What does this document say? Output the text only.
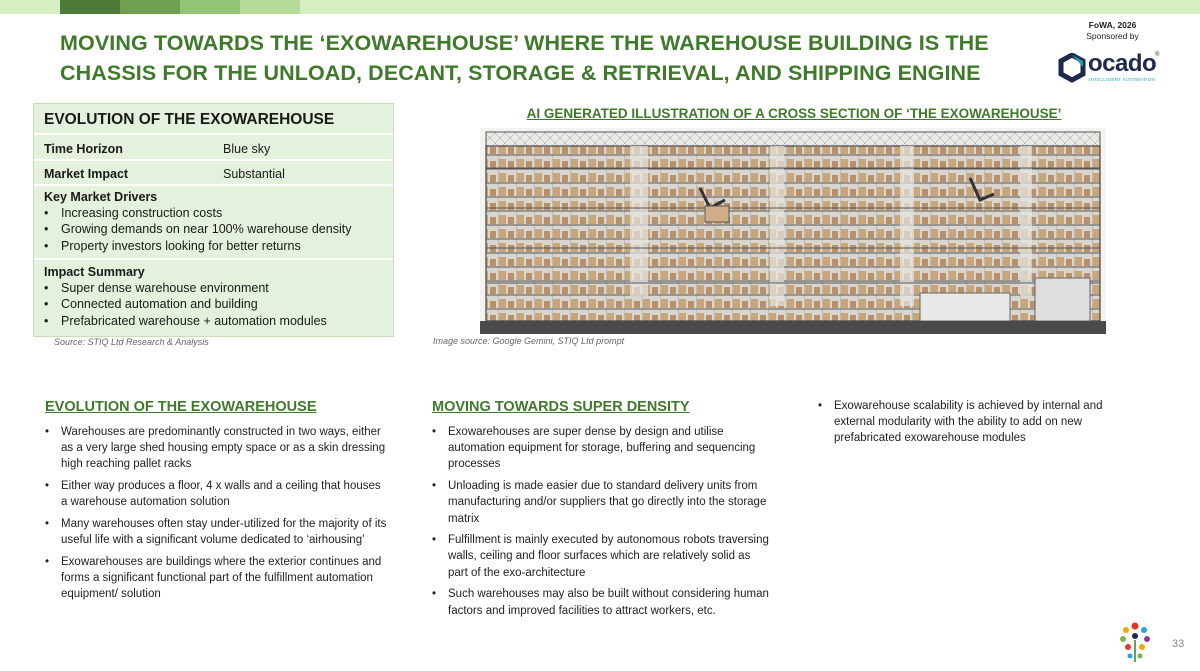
MOVING TOWARDS THE ‘EXOWAREHOUSE’ WHERE THE WAREHOUSE BUILDING IS THE
CHASSIS FOR THE UNLOAD, DECANT, STORAGE & RETRIEVAL, AND SHIPPING ENGINE
FoWA, 2026
Sponsored by
ocado
®
INTELLIGENT AUTOMATION
EVOLUTION OF THE EXOWAREHOUSE
Time Horizon	Blue sky
Market Impact	Substantial
Key Market Drivers
• Increasing construction costs
• Growing demands on near 100% warehouse density
• Property investors looking for better returns
Impact Summary
• Super dense warehouse environment
• Connected automation and building
• Prefabricated warehouse + automation modules
Source: STIQ Ltd Research & Analysis
AI GENERATED ILLUSTRATION OF A CROSS SECTION OF ‘THE EXOWAREHOUSE’
Image source: Google Gemini, STIQ Ltd prompt
EVOLUTION OF THE EXOWAREHOUSE
• Warehouses are predominantly constructed in two ways, either as a very large shed housing empty space or as a skin dressing high reaching pallet racks
• Either way produces a floor, 4 x walls and a ceiling that houses a warehouse automation solution
• Many warehouses often stay under-utilized for the majority of its useful life with a significant volume dedicated to ‘airhousing’
• Exowarehouses are buildings where the exterior continues and forms a significant functional part of the fulfillment automation equipment/ solution
MOVING TOWARDS SUPER DENSITY
• Exowarehouses are super dense by design and utilise automation equipment for storage, buffering and sequencing processes
• Unloading is made easier due to standard delivery units from manufacturing and/or suppliers that go directly into the storage matrix
• Fulfillment is mainly executed by autonomous robots traversing walls, ceiling and floor surfaces which are relatively solid as part of the exo-architecture
• Such warehouses may also be built without considering human factors and improved facilities to attract workers, etc.
• Exowarehouse scalability is achieved by internal and external modularity with the ability to add on new prefabricated exowarehouse modules
33
